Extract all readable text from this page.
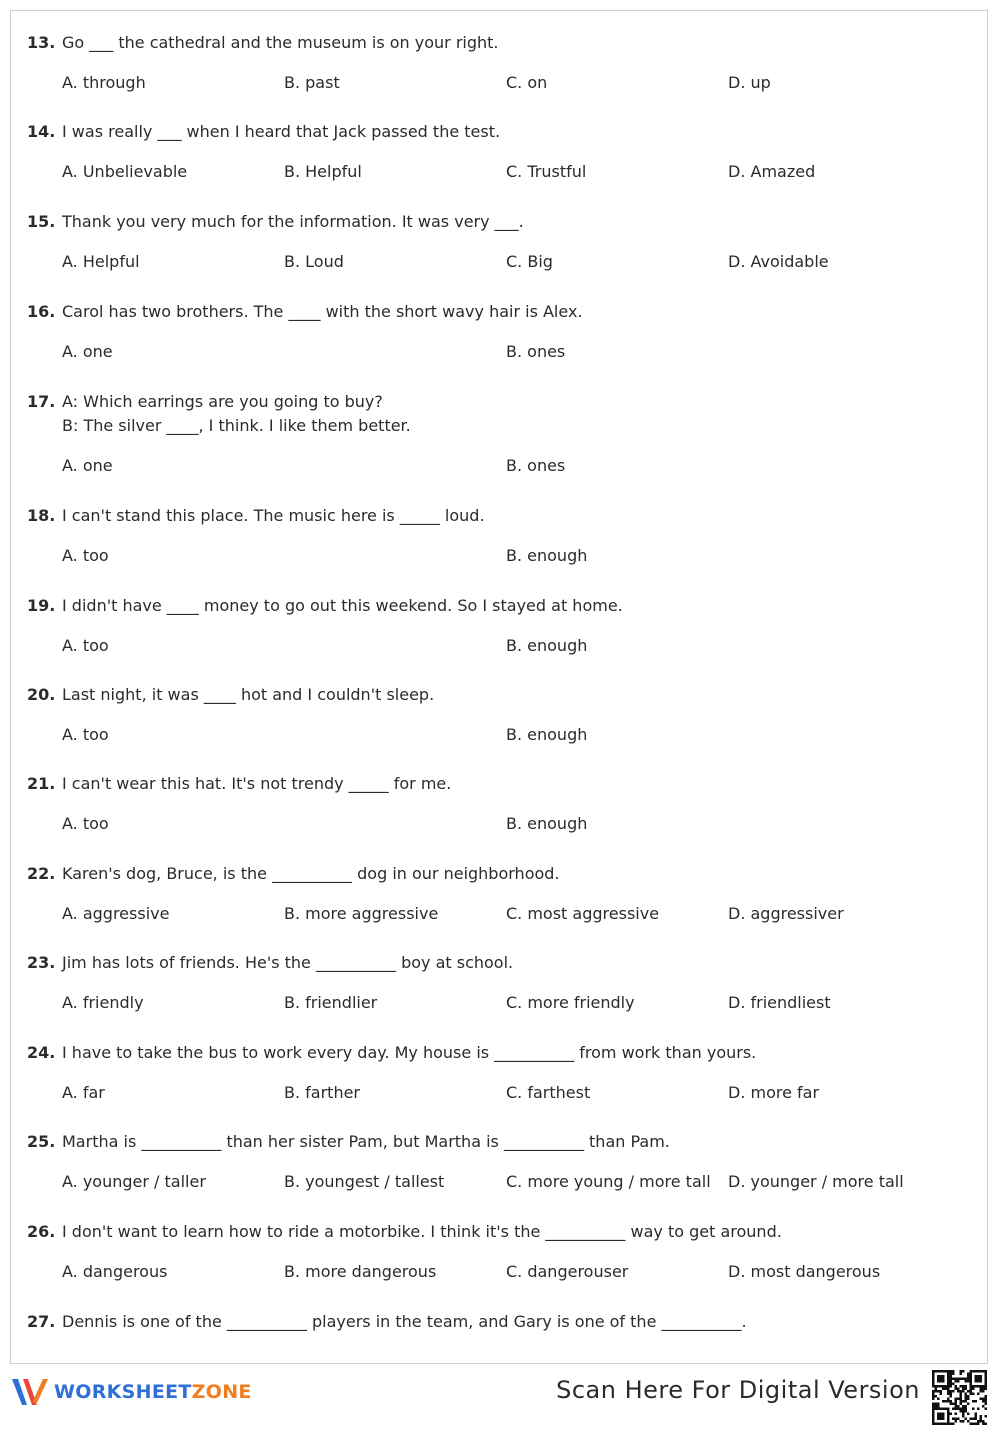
13. Go ___ the cathedral and the museum is on your right.
A. through	B. past	C. on	D. up
14. I was really ___ when I heard that Jack passed the test.
A. Unbelievable	B. Helpful	C. Trustful	D. Amazed
15. Thank you very much for the information. It was very ___.
A. Helpful	B. Loud	C. Big	D. Avoidable
16. Carol has two brothers. The ____ with the short wavy hair is Alex.
A. one	B. ones
17. A: Which earrings are you going to buy?
B: The silver ____, I think. I like them better.
A. one	B. ones
18. I can't stand this place. The music here is _____ loud.
A. too	B. enough
19. I didn't have ____ money to go out this weekend. So I stayed at home.
A. too	B. enough
20. Last night, it was ____ hot and I couldn't sleep.
A. too	B. enough
21. I can't wear this hat. It's not trendy _____ for me.
A. too	B. enough
22. Karen's dog, Bruce, is the __________ dog in our neighborhood.
A. aggressive	B. more aggressive	C. most aggressive	D. aggressiver
23. Jim has lots of friends. He's the __________ boy at school.
A. friendly	B. friendlier	C. more friendly	D. friendliest
24. I have to take the bus to work every day. My house is __________ from work than yours.
A. far	B. farther	C. farthest	D. more far
25. Martha is __________ than her sister Pam, but Martha is __________ than Pam.
A. younger / taller	B. youngest / tallest	C. more young / more tall D. younger / more tall
26. I don't want to learn how to ride a motorbike. I think it's the __________ way to get around.
A. dangerous	B. more dangerous	C. dangerouser	D. most dangerous
27. Dennis is one of the __________ players in the team, and Gary is one of the __________.
WORKSHEETZONE	Scan Here For Digital Version
